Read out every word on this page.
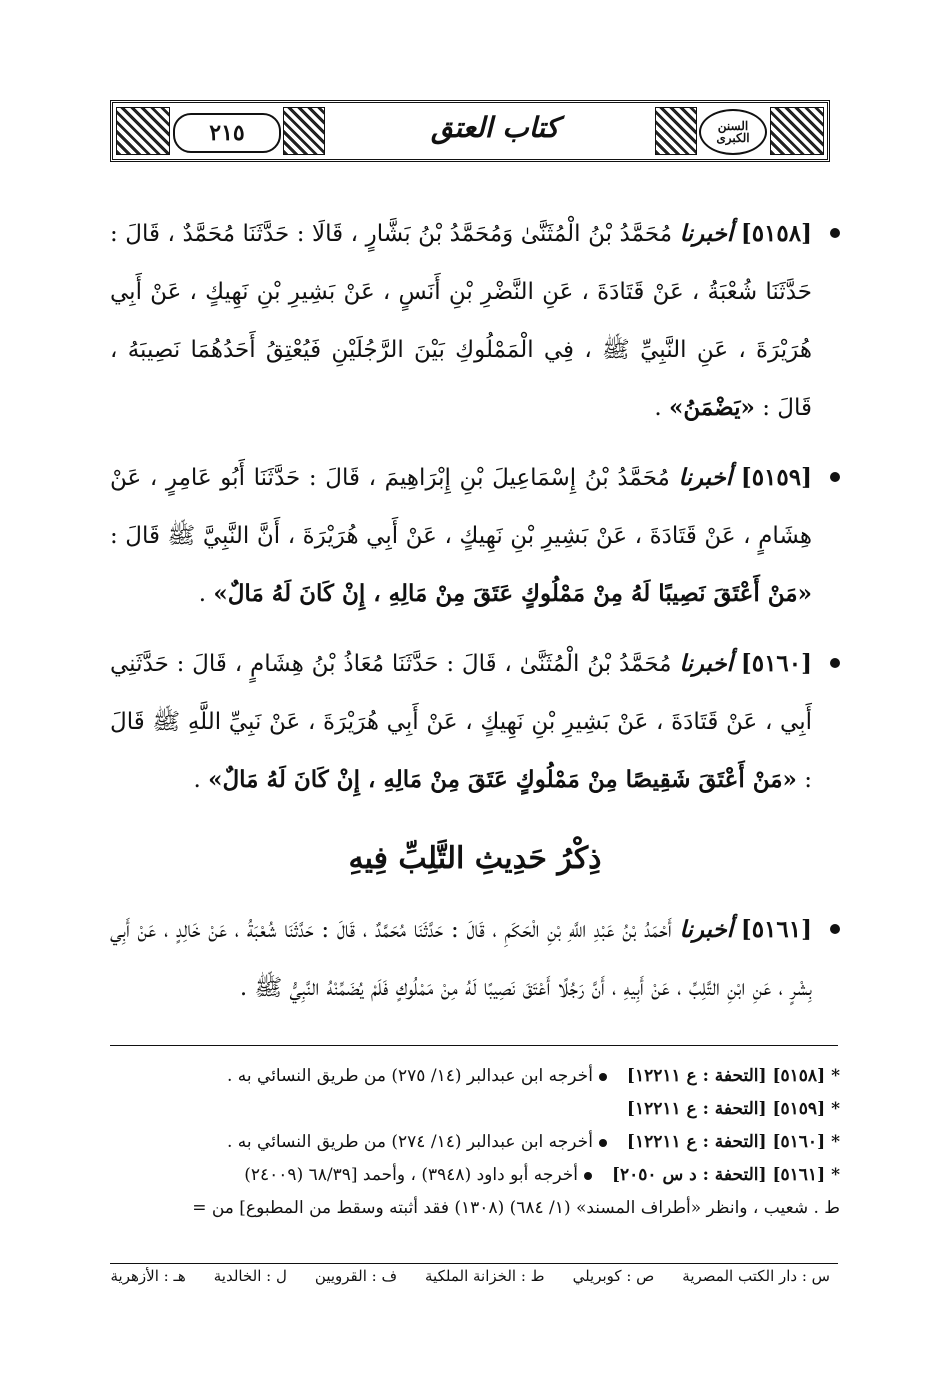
٢١٥	كتاب العتق	السنن الكبرى

[٥١٥٨] أخبرنا مُحَمَّدُ بْنُ الْمُثَنَّىٰ وَمُحَمَّدُ بْنُ بَشَّارٍ ، قَالَا : حَدَّثَنَا مُحَمَّدٌ ، قَالَ : حَدَّثَنَا شُعْبَةُ ، عَنْ قَتَادَةَ ، عَنِ النَّضْرِ بْنِ أَنَسٍ ، عَنْ بَشِيرِ بْنِ نَهِيكٍ ، عَنْ أَبِي هُرَيْرَةَ ، عَنِ النَّبِيِّ ﷺ ، فِي الْمَمْلُوكِ بَيْنَ الرَّجُلَيْنِ فَيُعْتِقُ أَحَدُهُمَا نَصِيبَهُ ، قَالَ : «يَضْمَنُ» .

[٥١٥٩] أخبرنا مُحَمَّدُ بْنُ إِسْمَاعِيلَ بْنِ إِبْرَاهِيمَ ، قَالَ : حَدَّثَنَا أَبُو عَامِرٍ ، عَنْ هِشَامٍ ، عَنْ قَتَادَةَ ، عَنْ بَشِيرِ بْنِ نَهِيكٍ ، عَنْ أَبِي هُرَيْرَةَ ، أَنَّ النَّبِيَّ ﷺ قَالَ : «مَنْ أَعْتَقَ نَصِيبًا لَهُ مِنْ مَمْلُوكٍ عَتَقَ مِنْ مَالِهِ ، إِنْ كَانَ لَهُ مَالٌ» .

[٥١٦٠] أخبرنا مُحَمَّدُ بْنُ الْمُثَنَّىٰ ، قَالَ : حَدَّثَنَا مُعَاذُ بْنُ هِشَامٍ ، قَالَ : حَدَّثَنِي أَبِي ، عَنْ قَتَادَةَ ، عَنْ بَشِيرِ بْنِ نَهِيكٍ ، عَنْ أَبِي هُرَيْرَةَ ، عَنْ نَبِيِّ اللَّهِ ﷺ قَالَ : «مَنْ أَعْتَقَ شَقِيصًا مِنْ مَمْلُوكٍ عَتَقَ مِنْ مَالِهِ ، إِنْ كَانَ لَهُ مَالٌ» .

ذِكْرُ حَدِيثِ التَّلِبِّ فِيهِ

[٥١٦١] أخبرنا أَحْمَدُ بْنُ عَبْدِ اللَّهِ بْنِ الْحَكَمِ ، قَالَ : حَدَّثَنَا مُحَمَّدٌ ، قَالَ : حَدَّثَنَا شُعْبَةُ ، عَنْ خَالِدٍ ، عَنْ أَبِي بِشْرٍ ، عَنِ ابْنِ التَّلِبِّ ، عَنْ أَبِيهِ ، أَنَّ رَجُلًا أَعْتَقَ نَصِيبًا لَهُ مِنْ مَمْلُوكٍ فَلَمْ يُضَمِّنْهُ النَّبِيُّ ﷺ .

*
[٥١٥٨] [التحفة : ع ١٢٢١١]
أخرجه ابن عبدالبر (١٤/ ٢٧٥) من طريق النسائي به .
*
[٥١٥٩] [التحفة : ع ١٢٢١١]
*
[٥١٦٠] [التحفة : ع ١٢٢١١]
أخرجه ابن عبدالبر (١٤/ ٢٧٤) من طريق النسائي به .
*
[٥١٦١] [التحفة : د س ٢٠٥٠]
أخرجه أبو داود (٣٩٤٨) ، وأحمد [٦٨/٣٩ (٢٤٠٠٩)
ط . شعيب ، وانظر «أطراف المسند» (١/ ٦٨٤) (١٣٠٨) فقد أثبته وسقط من المطبوع] من =
س : دار الكتب المصرية
ص : كوبريلي
ط : الخزانة الملكية
ف : القرويين
ل : الخالدية
هـ : الأزهرية
